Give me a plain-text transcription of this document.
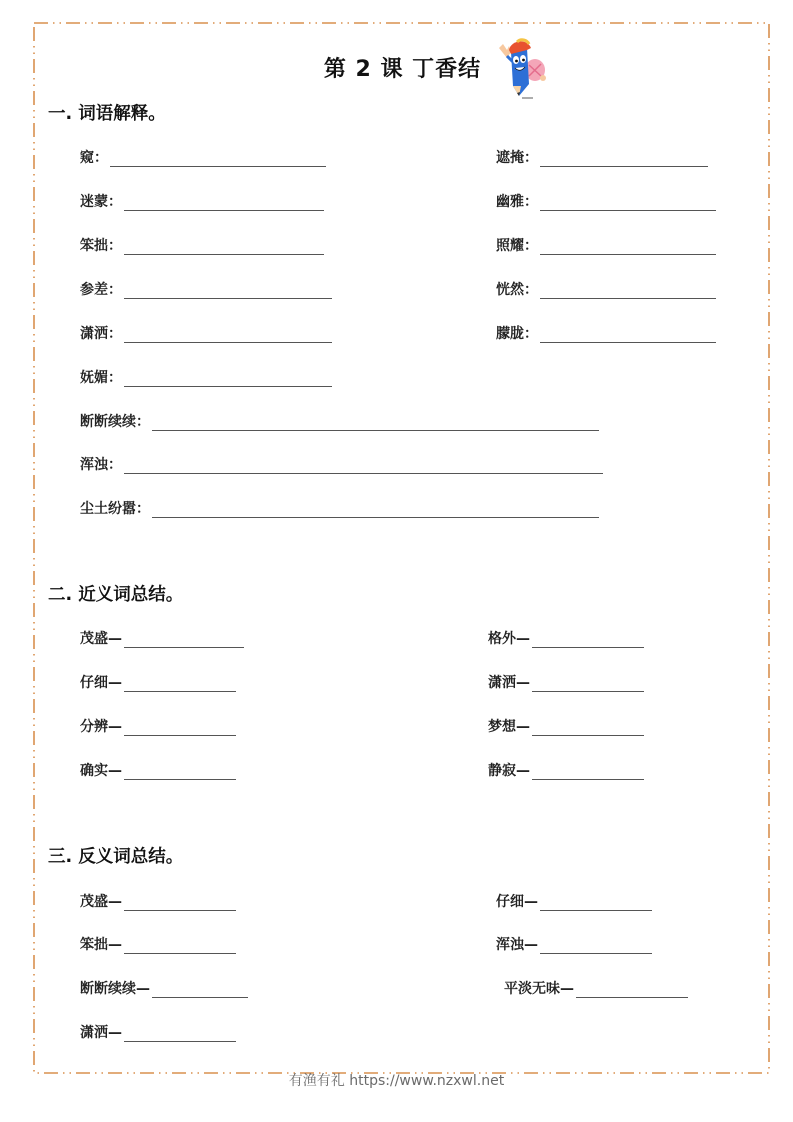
第 2 课 丁香结
一. 词语解释。
窥：	遮掩：
迷蒙：	幽雅：
笨拙：	照耀：
参差：	恍然：
潇洒：	朦胧：
妩媚：
断断续续：
浑浊：
尘土纷嚣：
二. 近义词总结。
茂盛—	格外—
仔细—	潇洒—
分辨—	梦想—
确实—	静寂—
三. 反义词总结。
茂盛—	仔细—
笨拙—	浑浊—
断断续续—	平淡无味—
潇洒—
有渔有礼 https://www.nzxwl.net
